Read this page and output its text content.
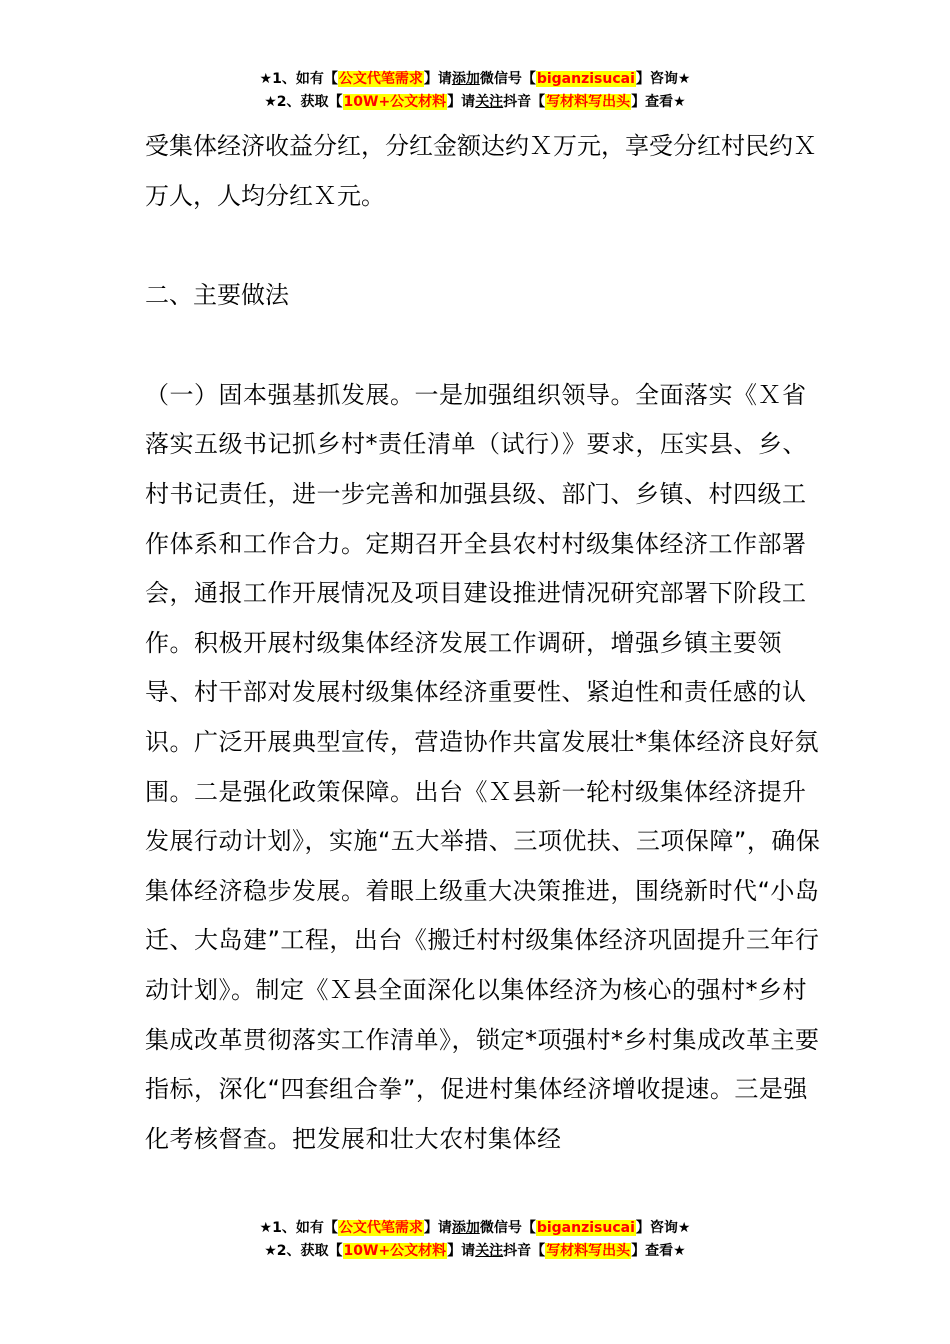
★1、如有【公文代笔需求】请添加微信号【biganzisucai】咨询★
★2、获取【10W+公文材料】请关注抖音【写材料写出头】查看★

受集体经济收益分红，分红金额达约Ｘ万元，享受分红村民约Ｘ万人，人均分红Ｘ元。

二、主要做法

（一）固本强基抓发展。一是加强组织领导。全面落实《Ｘ省落实五级书记抓乡村*责任清单（试行）》要求，压实县、乡、村书记责任，进一步完善和加强县级、部门、乡镇、村四级工作体系和工作合力。定期召开全县农村村级集体经济工作部署会，通报工作开展情况及项目建设推进情况研究部署下阶段工作。积极开展村级集体经济发展工作调研，增强乡镇主要领导、村干部对发展村级集体经济重要性、紧迫性和责任感的认识。广泛开展典型宣传，营造协作共富发展壮*集体经济良好氛围。二是强化政策保障。出台《Ｘ县新一轮村级集体经济提升发展行动计划》，实施“五大举措、三项优扶、三项保障”，确保集体经济稳步发展。着眼上级重大决策推进，围绕新时代“小岛迁、大岛建”工程，出台《搬迁村村级集体经济巩固提升三年行动计划》。制定《Ｘ县全面深化以集体经济为核心的强村*乡村集成改革贯彻落实工作清单》，锁定*项强村*乡村集成改革主要指标，深化“四套组合拳”，促进村集体经济增收提速。三是强化考核督查。把发展和壮大农村集体经

★1、如有【公文代笔需求】请添加微信号【biganzisucai】咨询★
★2、获取【10W+公文材料】请关注抖音【写材料写出头】查看★
